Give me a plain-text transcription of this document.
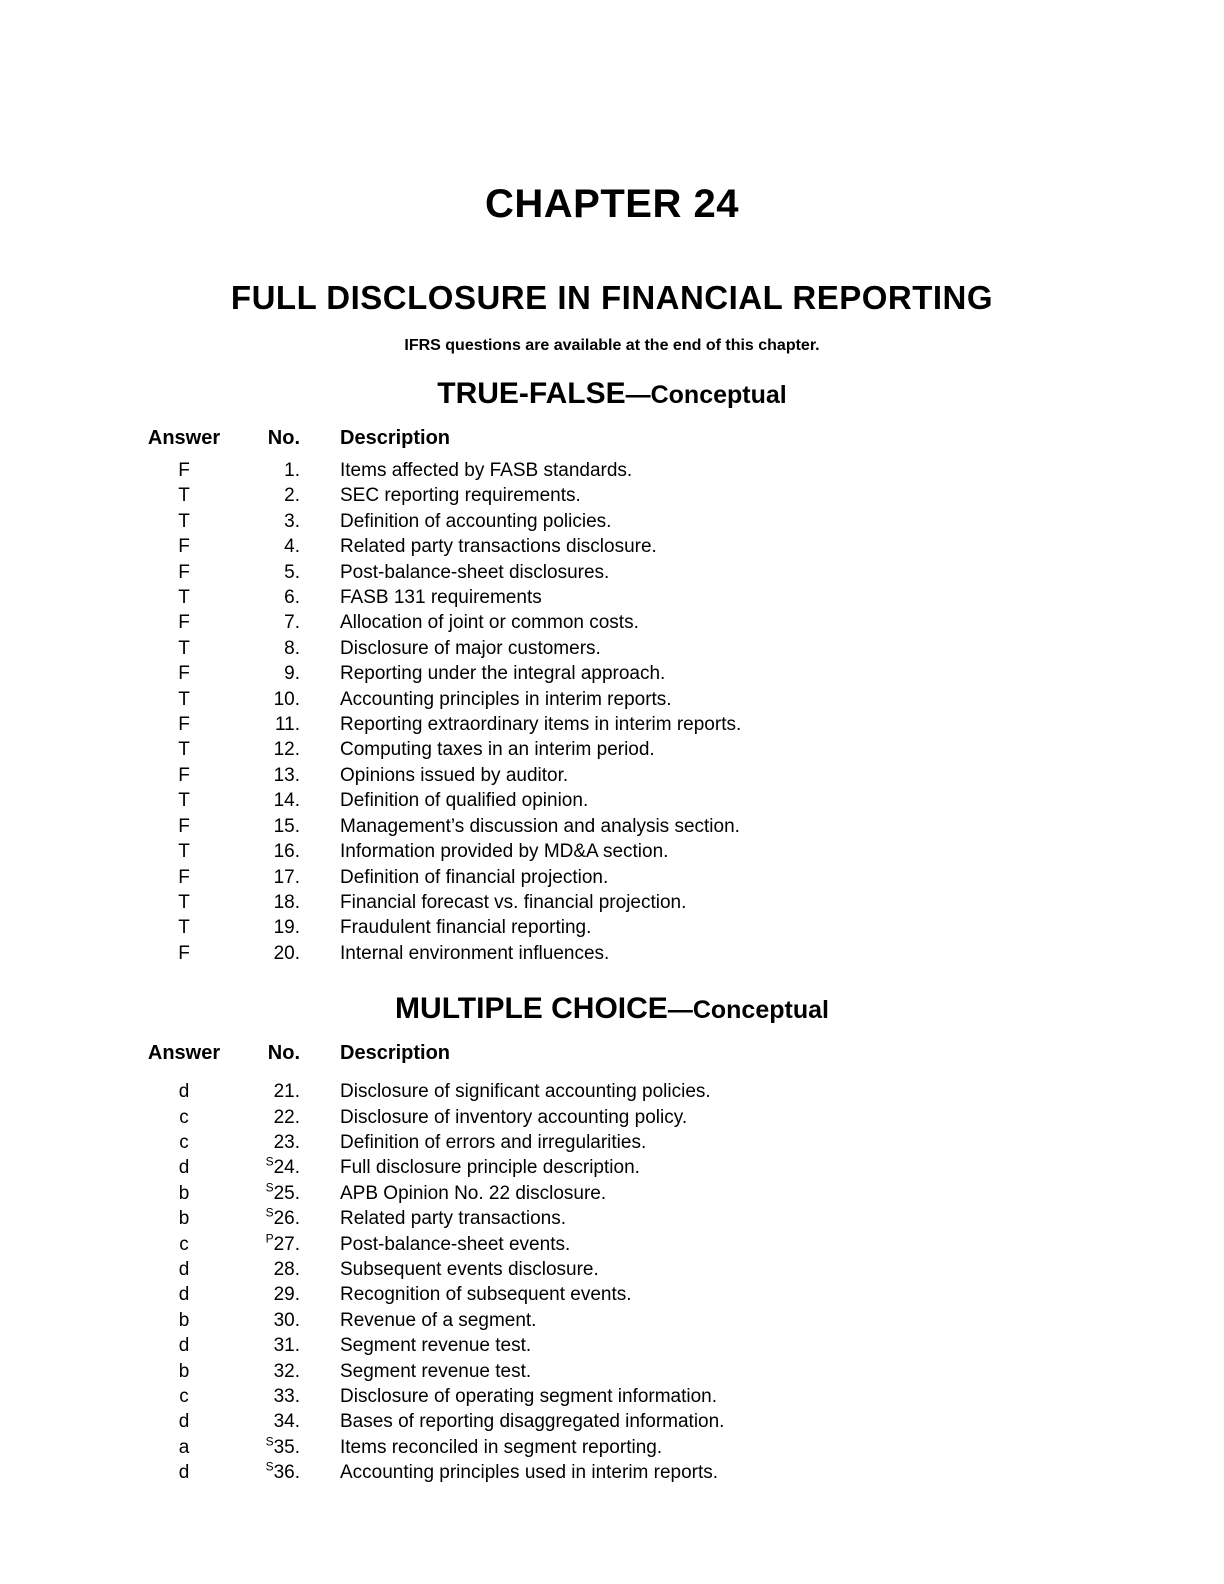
CHAPTER 24
FULL DISCLOSURE IN FINANCIAL REPORTING

IFRS questions are available at the end of this chapter.

TRUE-FALSE—Conceptual
Answer	No. Description
F	1. Items affected by FASB standards.
T	2. SEC reporting requirements.
T	3. Definition of accounting policies.
F	4. Related party transactions disclosure.
F	5. Post-balance-sheet disclosures.
T	6. FASB 131 requirements
F	7. Allocation of joint or common costs.
T	8. Disclosure of major customers.
F	9. Reporting under the integral approach.
T	10. Accounting principles in interim reports.
F	11. Reporting extraordinary items in interim reports.
T	12. Computing taxes in an interim period.
F	13. Opinions issued by auditor.
T	14. Definition of qualified opinion.
F	15. Management’s discussion and analysis section.
T	16. Information provided by MD&A section.
F	17. Definition of financial projection.
T	18. Financial forecast vs. financial projection.
T	19. Fraudulent financial reporting.
F	20. Internal environment influences.
MULTIPLE CHOICE—Conceptual
Answer	No. Description
d	21. Disclosure of significant accounting policies.
c	22. Disclosure of inventory accounting policy.
c	23. Definition of errors and irregularities.
d	$^S$24. Full disclosure principle description.
b	$^S$25. APB Opinion No. 22 disclosure.
b	$^S$26. Related party transactions.
c	$^P$27. Post-balance-sheet events.
d	28. Subsequent events disclosure.
d	29. Recognition of subsequent events.
b	30. Revenue of a segment.
d	31. Segment revenue test.
b	32. Segment revenue test.
c	33. Disclosure of operating segment information.
d	34. Bases of reporting disaggregated information.
a	$^S$35. Items reconciled in segment reporting.
d	$^S$36. Accounting principles used in interim reports.
